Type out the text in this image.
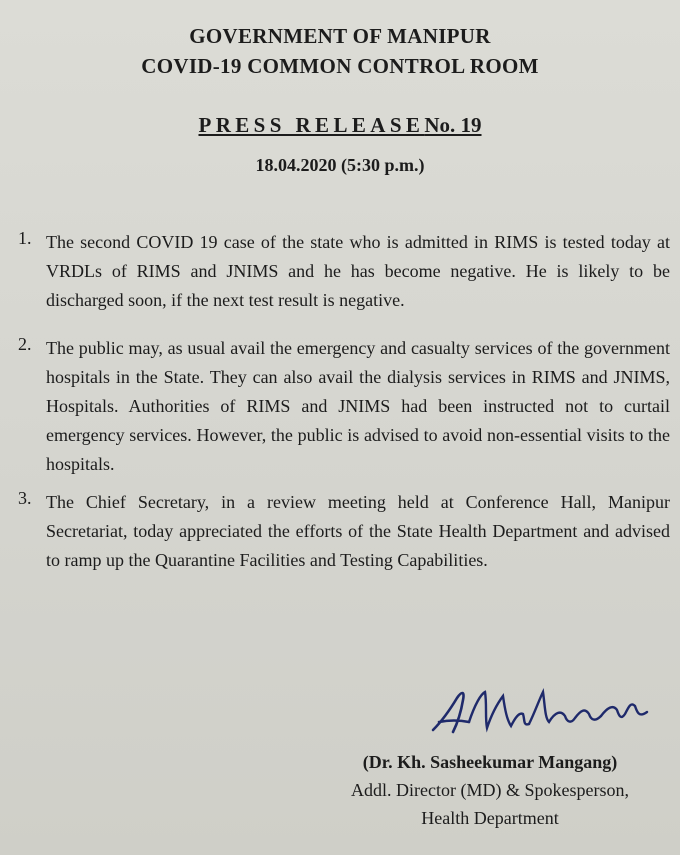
GOVERNMENT OF MANIPUR
COVID-19 COMMON CONTROL ROOM
PRESS RELEASENo. 19
18.04.2020 (5:30 p.m.)
1. The second COVID 19 case of the state who is admitted in RIMS is tested today at VRDLs of RIMS and JNIMS and he has become negative. He is likely to be discharged soon, if the next test result is negative.
2. The public may, as usual avail the emergency and casualty services of the government hospitals in the State. They can also avail the dialysis services in RIMS and JNIMS, Hospitals. Authorities of RIMS and JNIMS had been instructed not to curtail emergency services. However, the public is advised to avoid non-essential visits to the hospitals.
3. The Chief Secretary, in a review meeting held at Conference Hall, Manipur Secretariat, today appreciated the efforts of the State Health Department and advised to ramp up the Quarantine Facilities and Testing Capabilities.
(Dr. Kh. Sasheekumar Mangang)
Addl. Director (MD) & Spokesperson,
Health Department
